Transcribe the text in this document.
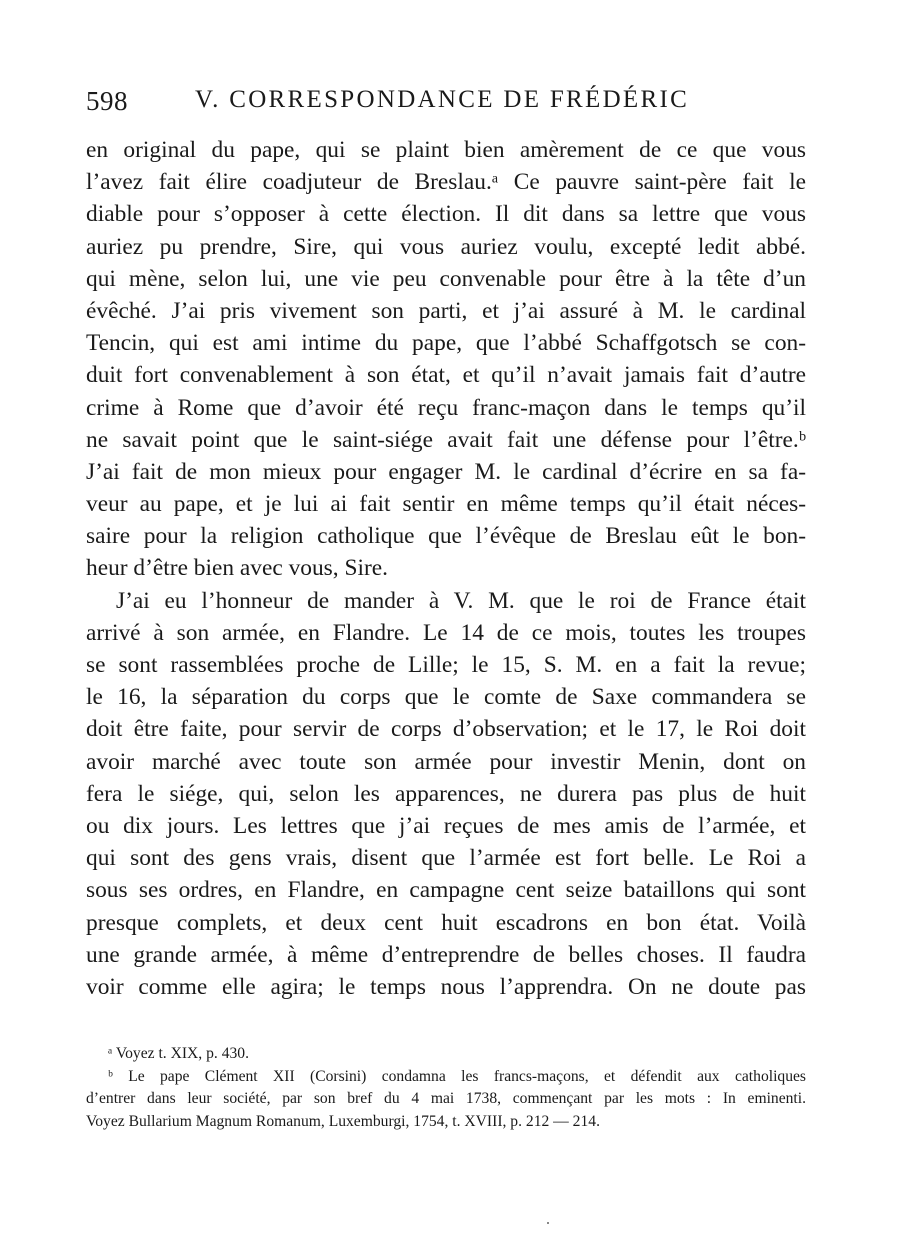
598	V. CORRESPONDANCE DE FRÉDÉRIC
en original du pape, qui se plaint bien amèrement de ce que vous
l’avez fait élire coadjuteur de Breslau.ᵃ Ce pauvre saint-père fait le
diable pour s’opposer à cette élection. Il dit dans sa lettre que vous
auriez pu prendre, Sire, qui vous auriez voulu, excepté ledit abbé.
qui mène, selon lui, une vie peu convenable pour être à la tête d’un
évêché. J’ai pris vivement son parti, et j’ai assuré à M. le cardinal
Tencin, qui est ami intime du pape, que l’abbé Schaffgotsch se con-
duit fort convenablement à son état, et qu’il n’avait jamais fait d’autre
crime à Rome que d’avoir été reçu franc-maçon dans le temps qu’il
ne savait point que le saint-siége avait fait une défense pour l’être.ᵇ
J’ai fait de mon mieux pour engager M. le cardinal d’écrire en sa fa-
veur au pape, et je lui ai fait sentir en même temps qu’il était néces-
saire pour la religion catholique que l’évêque de Breslau eût le bon-
heur d’être bien avec vous, Sire.
J’ai eu l’honneur de mander à V. M. que le roi de France était
arrivé à son armée, en Flandre. Le 14 de ce mois, toutes les troupes
se sont rassemblées proche de Lille; le 15, S. M. en a fait la revue;
le 16, la séparation du corps que le comte de Saxe commandera se
doit être faite, pour servir de corps d’observation; et le 17, le Roi doit
avoir marché avec toute son armée pour investir Menin, dont on
fera le siége, qui, selon les apparences, ne durera pas plus de huit
ou dix jours. Les lettres que j’ai reçues de mes amis de l’armée, et
qui sont des gens vrais, disent que l’armée est fort belle. Le Roi a
sous ses ordres, en Flandre, en campagne cent seize bataillons qui sont
presque complets, et deux cent huit escadrons en bon état. Voilà
une grande armée, à même d’entreprendre de belles choses. Il faudra
voir comme elle agira; le temps nous l’apprendra. On ne doute pas
ᵃ Voyez t. XIX, p. 430.
ᵇ Le pape Clément XII (Corsini) condamna les francs-maçons, et défendit aux catholiques
d’entrer dans leur société, par son bref du 4 mai 1738, commençant par les mots : In eminenti.
Voyez Bullarium Magnum Romanum, Luxemburgi, 1754, t. XVIII, p. 212 — 214.
